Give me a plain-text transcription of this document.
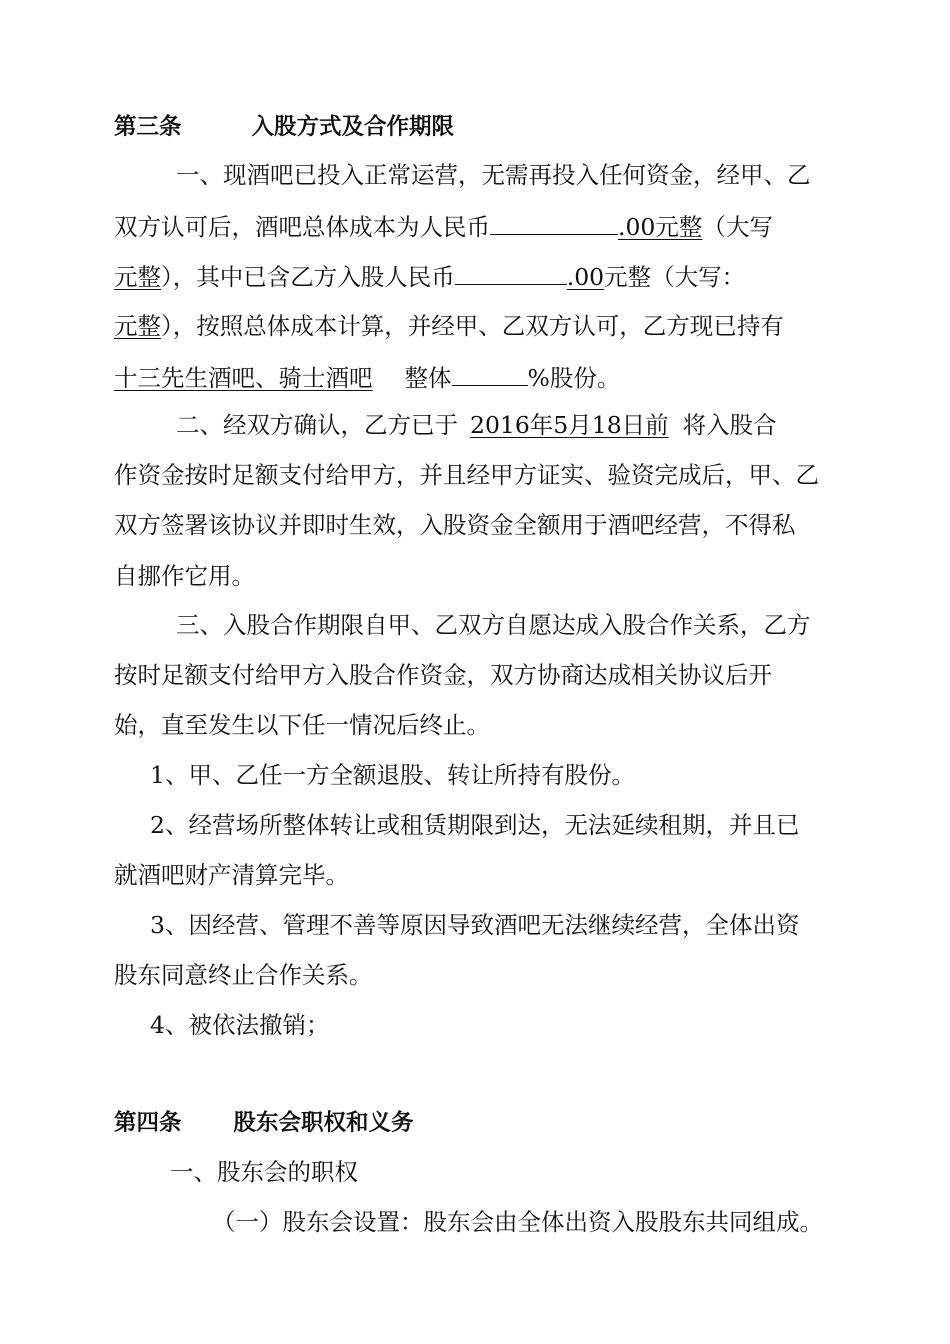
第三条	入股方式及合作期限
一、现酒吧已投入正常运营，无需再投入任何资金，经甲、乙
双方认可后，酒吧总体成本为人民币	.00元整（大写
元整），其中已含乙方入股人民币	.00元整（大写：
元整），按照总体成本计算，并经甲、乙双方认可，乙方现已持有
十三先生酒吧、骑士酒吧 整体	%股份。
二、经双方确认，乙方已于 2016年5月18日前 将入股合
作资金按时足额支付给甲方，并且经甲方证实、验资完成后，甲、乙
双方签署该协议并即时生效，入股资金全额用于酒吧经营，不得私
自挪作它用。
三、入股合作期限自甲、乙双方自愿达成入股合作关系，乙方
按时足额支付给甲方入股合作资金，双方协商达成相关协议后开
始，直至发生以下任一情况后终止。
1、甲、乙任一方全额退股、转让所持有股份。
2、经营场所整体转让或租赁期限到达，无法延续租期，并且已
就酒吧财产清算完毕。
3、因经营、管理不善等原因导致酒吧无法继续经营，全体出资
股东同意终止合作关系。
4、被依法撤销；
第四条 股东会职权和义务
一、股东会的职权
（一）股东会设置：股东会由全体出资入股股东共同组成。
